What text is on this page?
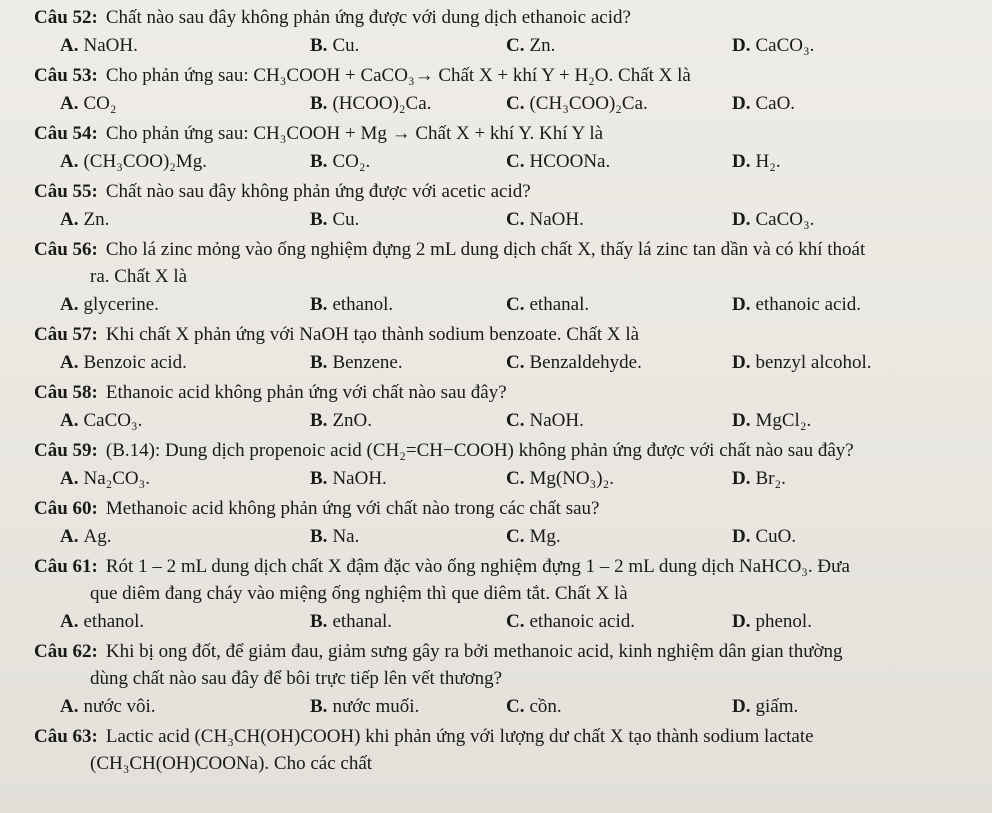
Câu 52: Chất nào sau đây không phản ứng được với dung dịch ethanoic acid?

A. NaOH.	B. Cu.	C. Zn.	D. CaCO₃.

Câu 53: Cho phản ứng sau: CH₃COOH + CaCO₃→ Chất X + khí Y + H₂O. Chất X là

A. CO₂	B. (HCOO)₂Ca.	C. (CH₃COO)₂Ca.	D. CaO.

Câu 54: Cho phản ứng sau: CH₃COOH + Mg → Chất X + khí Y. Khí Y là

A. (CH₃COO)₂Mg.	B. CO₂.	C. HCOONa.	D. H₂.

Câu 55: Chất nào sau đây không phản ứng được với acetic acid?

A. Zn.	B. Cu.	C. NaOH.	D. CaCO₃.

Câu 56: Cho lá zinc mỏng vào ống nghiệm đựng 2 mL dung dịch chất X, thấy lá zinc tan dần và có khí thoát
ra. Chất X là

A. glycerine.	B. ethanol.	C. ethanal.	D. ethanoic acid.

Câu 57: Khi chất X phản ứng với NaOH tạo thành sodium benzoate. Chất X là

A. Benzoic acid.	B. Benzene.	C. Benzaldehyde.	D. benzyl alcohol.

Câu 58: Ethanoic acid không phản ứng với chất nào sau đây?

A. CaCO₃.	B. ZnO.	C. NaOH.	D. MgCl₂.

Câu 59: (B.14): Dung dịch propenoic acid (CH₂=CH−COOH) không phản ứng được với chất nào sau đây?

A. Na₂CO₃.	B. NaOH.	C. Mg(NO₃)₂.	D. Br₂.

Câu 60: Methanoic acid không phản ứng với chất nào trong các chất sau?

A. Ag.	B. Na.	C. Mg.	D. CuO.

Câu 61: Rót 1 – 2 mL dung dịch chất X đậm đặc vào ống nghiệm đựng 1 – 2 mL dung dịch NaHCO₃. Đưa
que diêm đang cháy vào miệng ống nghiệm thì que diêm tắt. Chất X là

A. ethanol.	B. ethanal.	C. ethanoic acid.	D. phenol.

Câu 62: Khi bị ong đốt, để giảm đau, giảm sưng gây ra bởi methanoic acid, kinh nghiệm dân gian thường
dùng chất nào sau đây để bôi trực tiếp lên vết thương?

A. nước vôi.	B. nước muối.	C. cồn.	D. giấm.

Câu 63: Lactic acid (CH₃CH(OH)COOH) khi phản ứng với lượng dư chất X tạo thành sodium lactate
(CH₃CH(OH)COONa). Cho các chất
